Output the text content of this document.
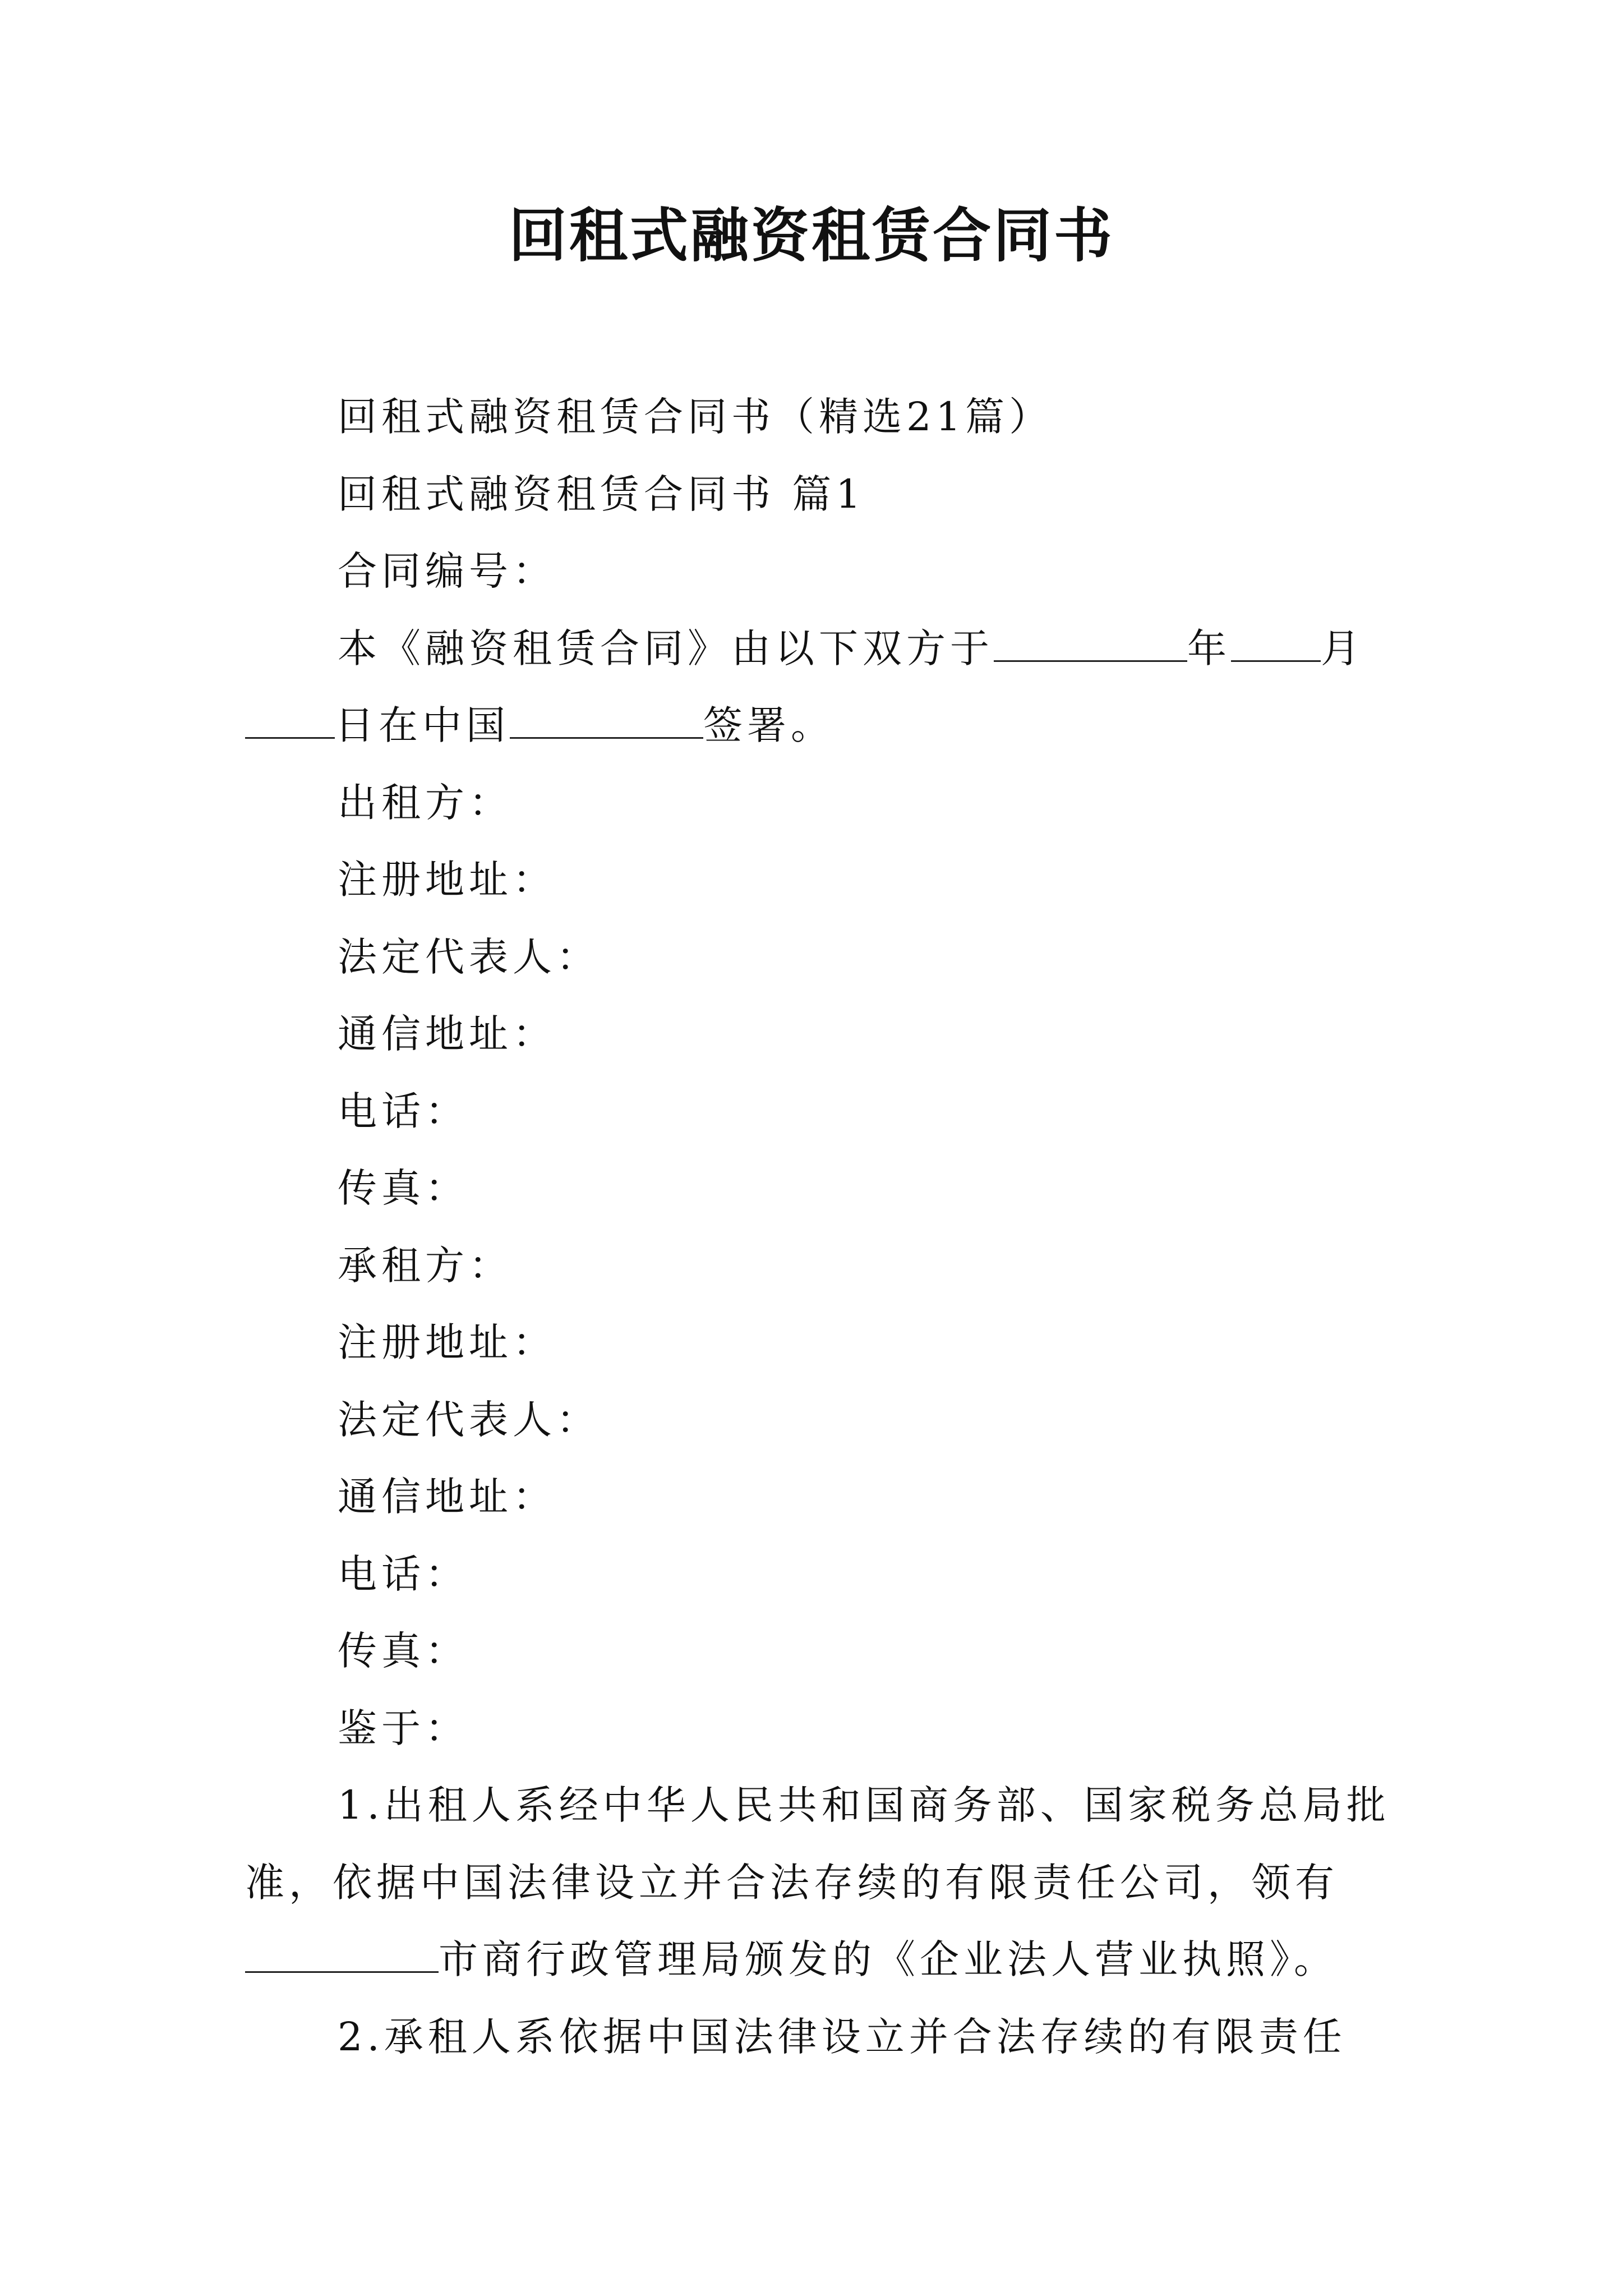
回租式融资租赁合同书

回租式融资租赁合同书（精选21篇）

回租式融资租赁合同书 篇1

合同编号：

本《融资租赁合同》由以下双方于	年 月

日在中国	签署。

出租方：

注册地址：

法定代表人：

通信地址：

电话：

传真：

承租方：

注册地址：

法定代表人：

通信地址：

电话：

传真：

鉴于：

1.出租人系经中华人民共和国商务部、国家税务总局批

准，依据中国法律设立并合法存续的有限责任公司，领有

市商行政管理局颁发的《企业法人营业执照》。

2.承租人系依据中国法律设立并合法存续的有限责任
